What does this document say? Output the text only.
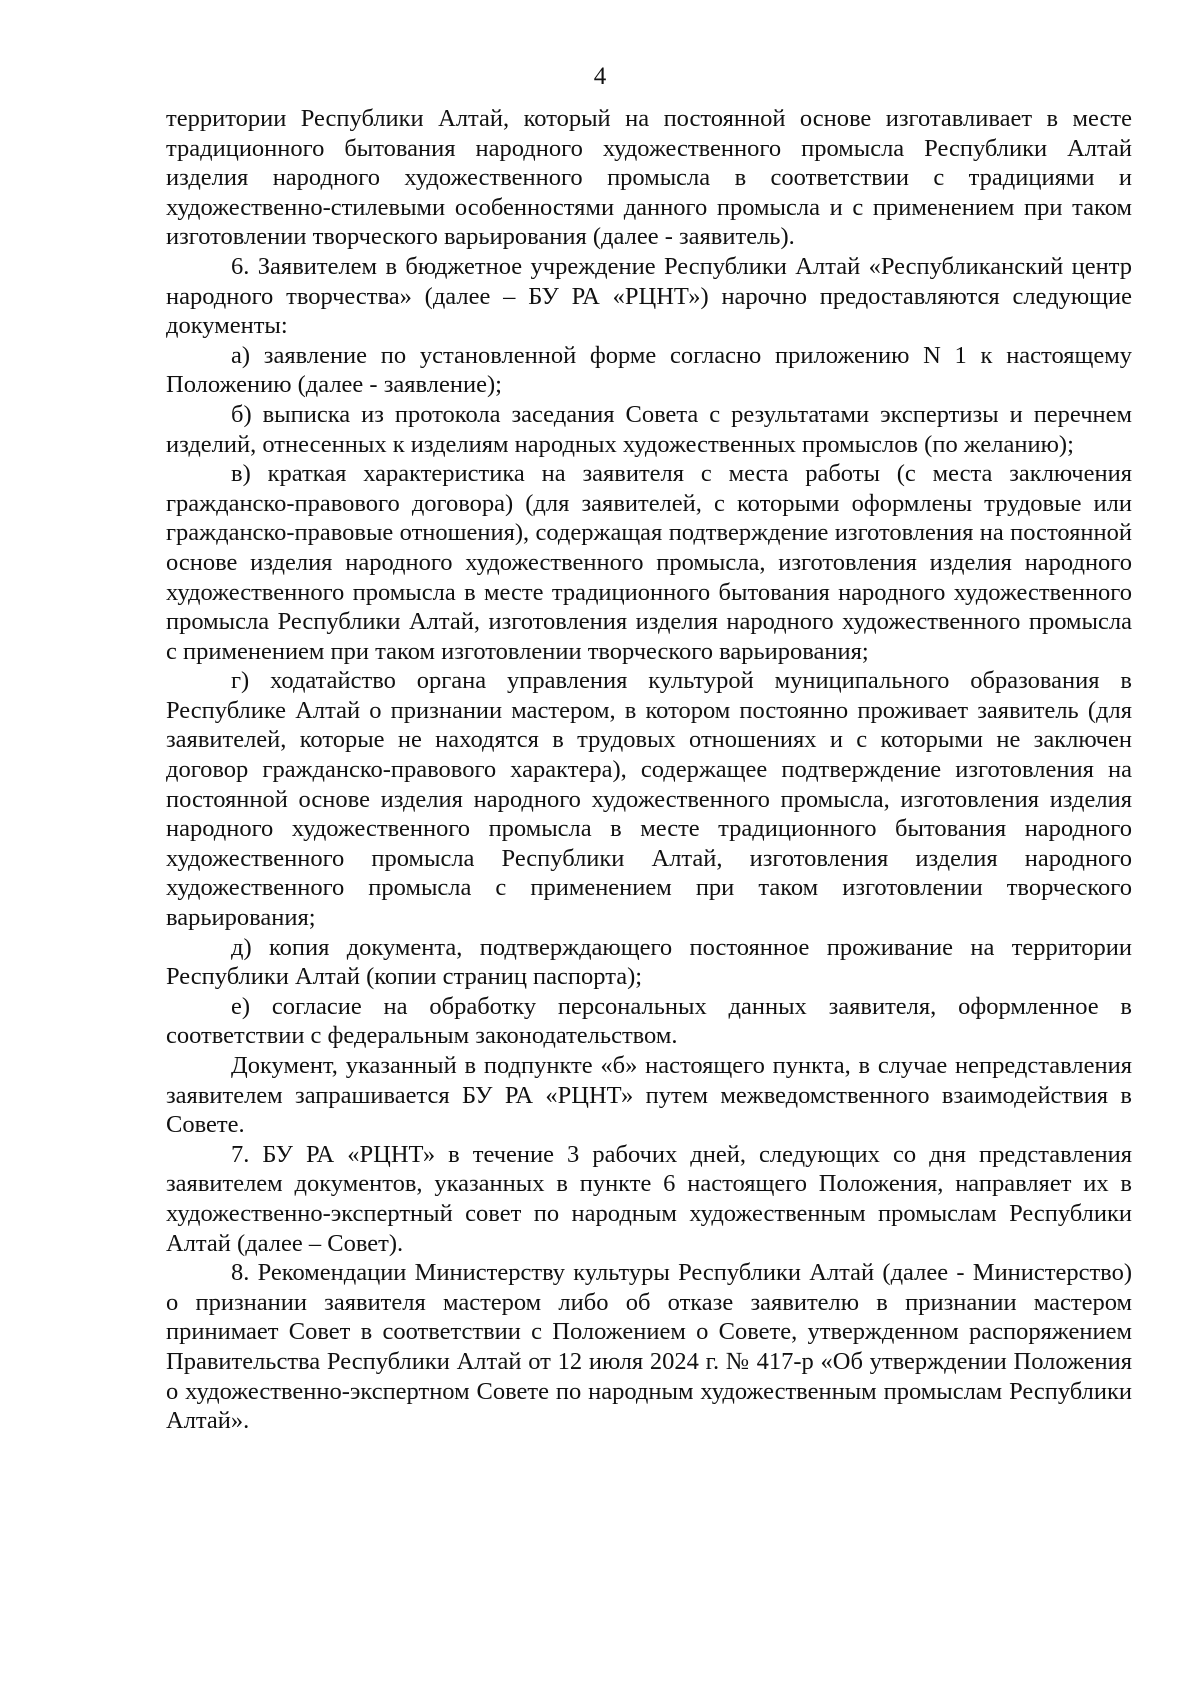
4

территории Республики Алтай, который на постоянной основе изготавливает в месте традиционного бытования народного художественного промысла Республики Алтай изделия народного художественного промысла в соответствии с традициями и художественно-стилевыми особенностями данного промысла и с применением при таком изготовлении творческого варьирования (далее - заявитель).

6. Заявителем в бюджетное учреждение Республики Алтай «Республиканский центр народного творчества» (далее – БУ РА «РЦНТ») нарочно предоставляются следующие документы:

а) заявление по установленной форме согласно приложению N 1 к настоящему Положению (далее - заявление);

б) выписка из протокола заседания Совета с результатами экспертизы и перечнем изделий, отнесенных к изделиям народных художественных промыслов (по желанию);

в) краткая характеристика на заявителя с места работы (с места заключения гражданско-правового договора) (для заявителей, с которыми оформлены трудовые или гражданско-правовые отношения), содержащая подтверждение изготовления на постоянной основе изделия народного художественного промысла, изготовления изделия народного художественного промысла в месте традиционного бытования народного художественного промысла Республики Алтай, изготовления изделия народного художественного промысла с применением при таком изготовлении творческого варьирования;

г) ходатайство органа управления культурой муниципального образования в Республике Алтай о признании мастером, в котором постоянно проживает заявитель (для заявителей, которые не находятся в трудовых отношениях и с которыми не заключен договор гражданско-правового характера), содержащее подтверждение изготовления на постоянной основе изделия народного художественного промысла, изготовления изделия народного художественного промысла в месте традиционного бытования народного художественного промысла Республики Алтай, изготовления изделия народного художественного промысла с применением при таком изготовлении творческого варьирования;

д) копия документа, подтверждающего постоянное проживание на территории Республики Алтай (копии страниц паспорта);

е) согласие на обработку персональных данных заявителя, оформленное в соответствии с федеральным законодательством.

Документ, указанный в подпункте «б» настоящего пункта, в случае непредставления заявителем запрашивается БУ РА «РЦНТ» путем межведомственного взаимодействия в Совете.

7. БУ РА «РЦНТ» в течение 3 рабочих дней, следующих со дня представления заявителем документов, указанных в пункте 6 настоящего Положения, направляет их в художественно-экспертный совет по народным художественным промыслам Республики Алтай (далее – Совет).

8. Рекомендации Министерству культуры Республики Алтай (далее - Министерство) о признании заявителя мастером либо об отказе заявителю в признании мастером принимает Совет в соответствии с Положением о Совете, утвержденном распоряжением Правительства Республики Алтай от 12 июля 2024 г. № 417-р «Об утверждении Положения о художественно-экспертном Совете по народным художественным промыслам Республики Алтай».
